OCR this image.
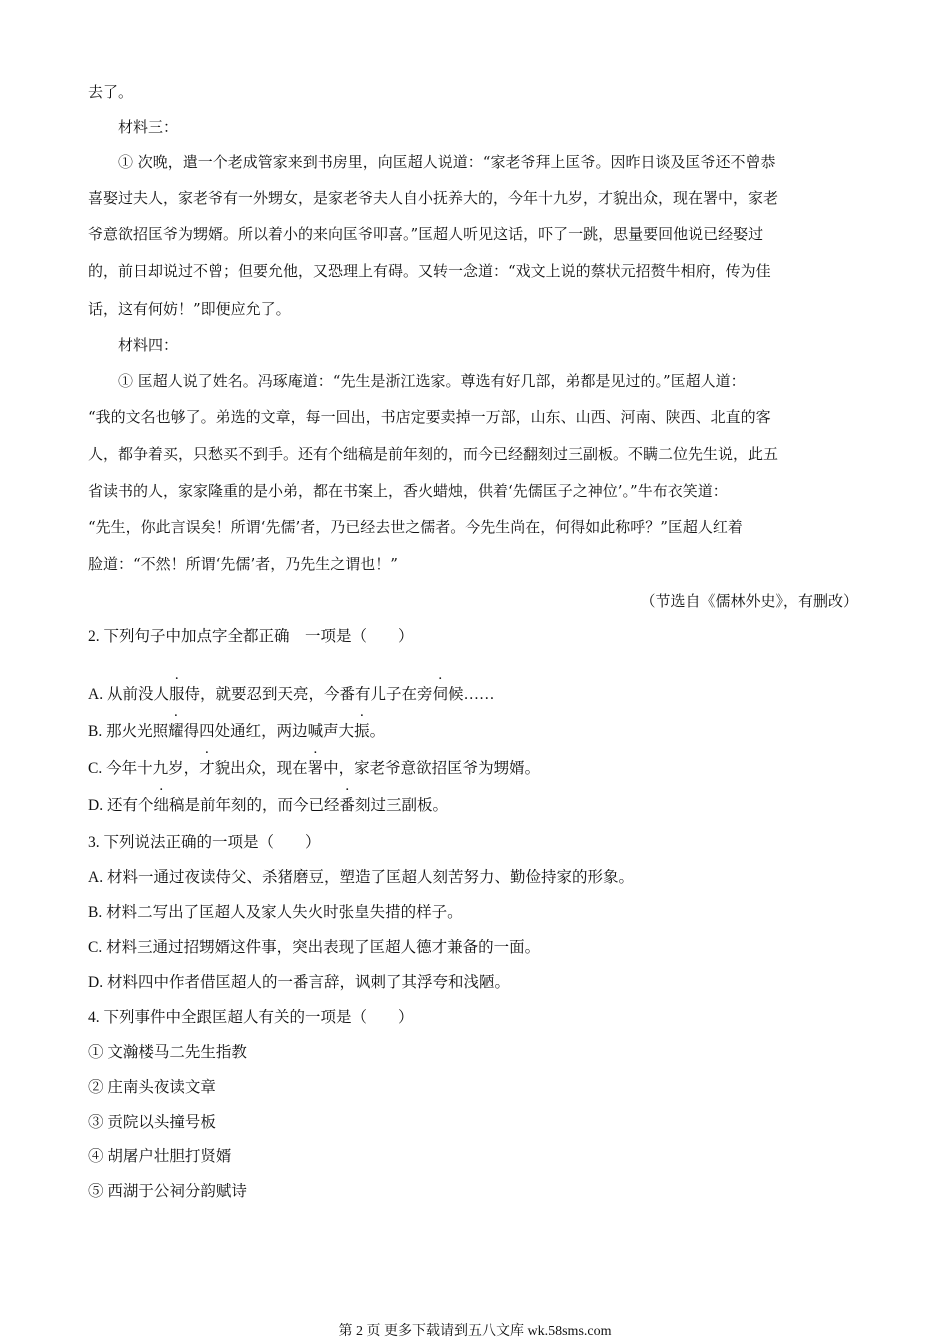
去了。
材料三：
① 次晚，遣一个老成管家来到书房里，向匡超人说道：“家老爷拜上匡爷。因昨日谈及匡爷还不曾恭
喜娶过夫人，家老爷有一外甥女，是家老爷夫人自小抚养大的，今年十九岁，才貌出众，现在署中，家老
爷意欲招匡爷为甥婿。所以着小的来向匡爷叩喜。”匡超人听见这话，吓了一跳，思量要回他说已经娶过
的，前日却说过不曾；但要允他，又恐理上有碍。又转一念道：“戏文上说的蔡状元招赘牛相府，传为佳
话，这有何妨！”即便应允了。
材料四：
① 匡超人说了姓名。冯琢庵道：“先生是浙江选家。尊选有好几部，弟都是见过的。”匡超人道：
“我的文名也够了。弟选的文章，每一回出，书店定要卖掉一万部，山东、山西、河南、陕西、北直的客
人，都争着买，只愁买不到手。还有个绌稿是前年刻的，而今已经翻刻过三副板。不瞒二位先生说，此五
省读书的人，家家隆重的是小弟，都在书案上，香火蜡烛，供着‘先儒匡子之神位’。”牛布衣笑道：
“先生，你此言误矣！所谓‘先儒’者，乃已经去世之儒者。今先生尚在，何得如此称呼？”匡超人红着
脸道：“不然！所谓‘先儒’者，乃先生之谓也！”
（节选自《儒林外史》，有删改）
2. 下列句子中加点字全都正确　一项是（　　）
A. 从前没人服侍，就要忍到天亮，今番有儿子在旁伺候……
B. 那火光照耀得四处通红，两边喊声大振。
C. 今年十九岁，才貌出众，现在署中，家老爷意欲招匡爷为甥婿。
D. 还有个绌稿是前年刻的，而今已经番刻过三副板。
3. 下列说法正确的一项是（　　）
A. 材料一通过夜读侍父、杀猪磨豆，塑造了匡超人刻苦努力、勤俭持家的形象。
B. 材料二写出了匡超人及家人失火时张皇失措的样子。
C. 材料三通过招甥婿这件事，突出表现了匡超人德才兼备的一面。
D. 材料四中作者借匡超人的一番言辞，讽刺了其浮夸和浅陋。
4. 下列事件中全跟匡超人有关的一项是（　　）
① 文瀚楼马二先生指教
② 庄南头夜读文章
③ 贡院以头撞号板
④ 胡屠户壮胆打贤婿
⑤ 西湖于公祠分韵赋诗
第 2 页 更多下载请到五八文库 wk.58sms.com
